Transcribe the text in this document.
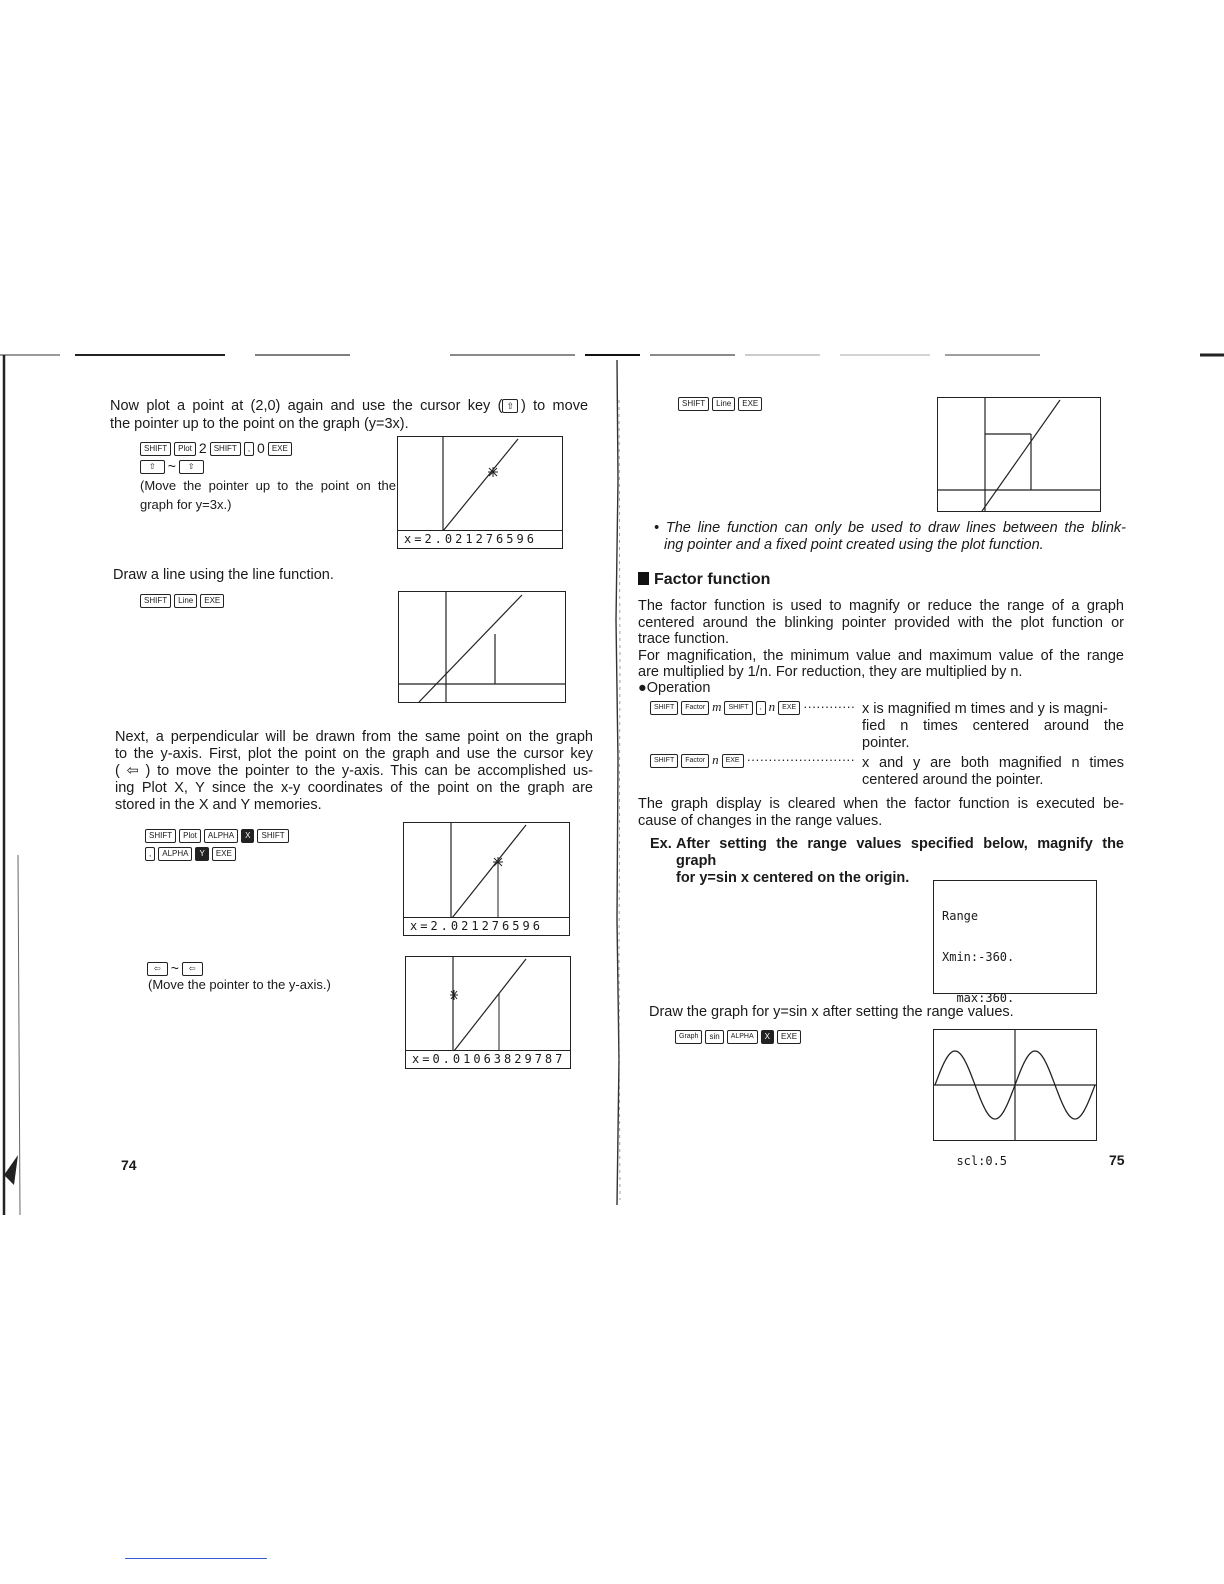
Now plot a point at (2,0) again and use the cursor key ( ⇧ ) to move
the pointer up to the point on the graph (y=3x).
SHIFT Plot 2 SHIFT , 0 EXE
⇧ ~ ⇧
(Move the pointer up to the point on the
graph for y=3x.)
x=2.021276596
Draw a line using the line function.
SHIFT Line EXE
Next, a perpendicular will be drawn from the same point on the graph
to the y-axis. First, plot the point on the graph and use the cursor key
( ⇦ ) to move the pointer to the y-axis. This can be accomplished us-
ing Plot X, Y since the x-y coordinates of the point on the graph are
stored in the X and Y memories.
SHIFT Plot ALPHA X SHIFT
, ALPHA Y EXE
x=2.021276596
⇦ ~ ⇦
(Move the pointer to the y-axis.)
x=0.01063829787
74
SHIFT Line EXE
• The line function can only be used to draw lines between the blink-
ing pointer and a fixed point created using the plot function.
Factor function
The factor function is used to magnify or reduce the range of a graph
centered around the blinking pointer provided with the plot function or
trace function.
For magnification, the minimum value and maximum value of the range
are multiplied by 1/n. For reduction, they are multiplied by n.
●Operation
SHIFT Factor m SHIFT , n EXE ············ x is magnified m times and y is magni-
fied n times centered around the
pointer.
SHIFT Factor n EXE ························· x and y are both magnified n times
centered around the pointer.
The graph display is cleared when the factor function is executed be-
cause of changes in the range values.
Ex. After setting the range values specified below, magnify the graph
for y=sin x centered on the origin.

Range

Xmin:-360.

max:360.

scl:0.5

Draw the graph for y=sin x after setting the range values.
Graph sin ALPHA X EXE
75
